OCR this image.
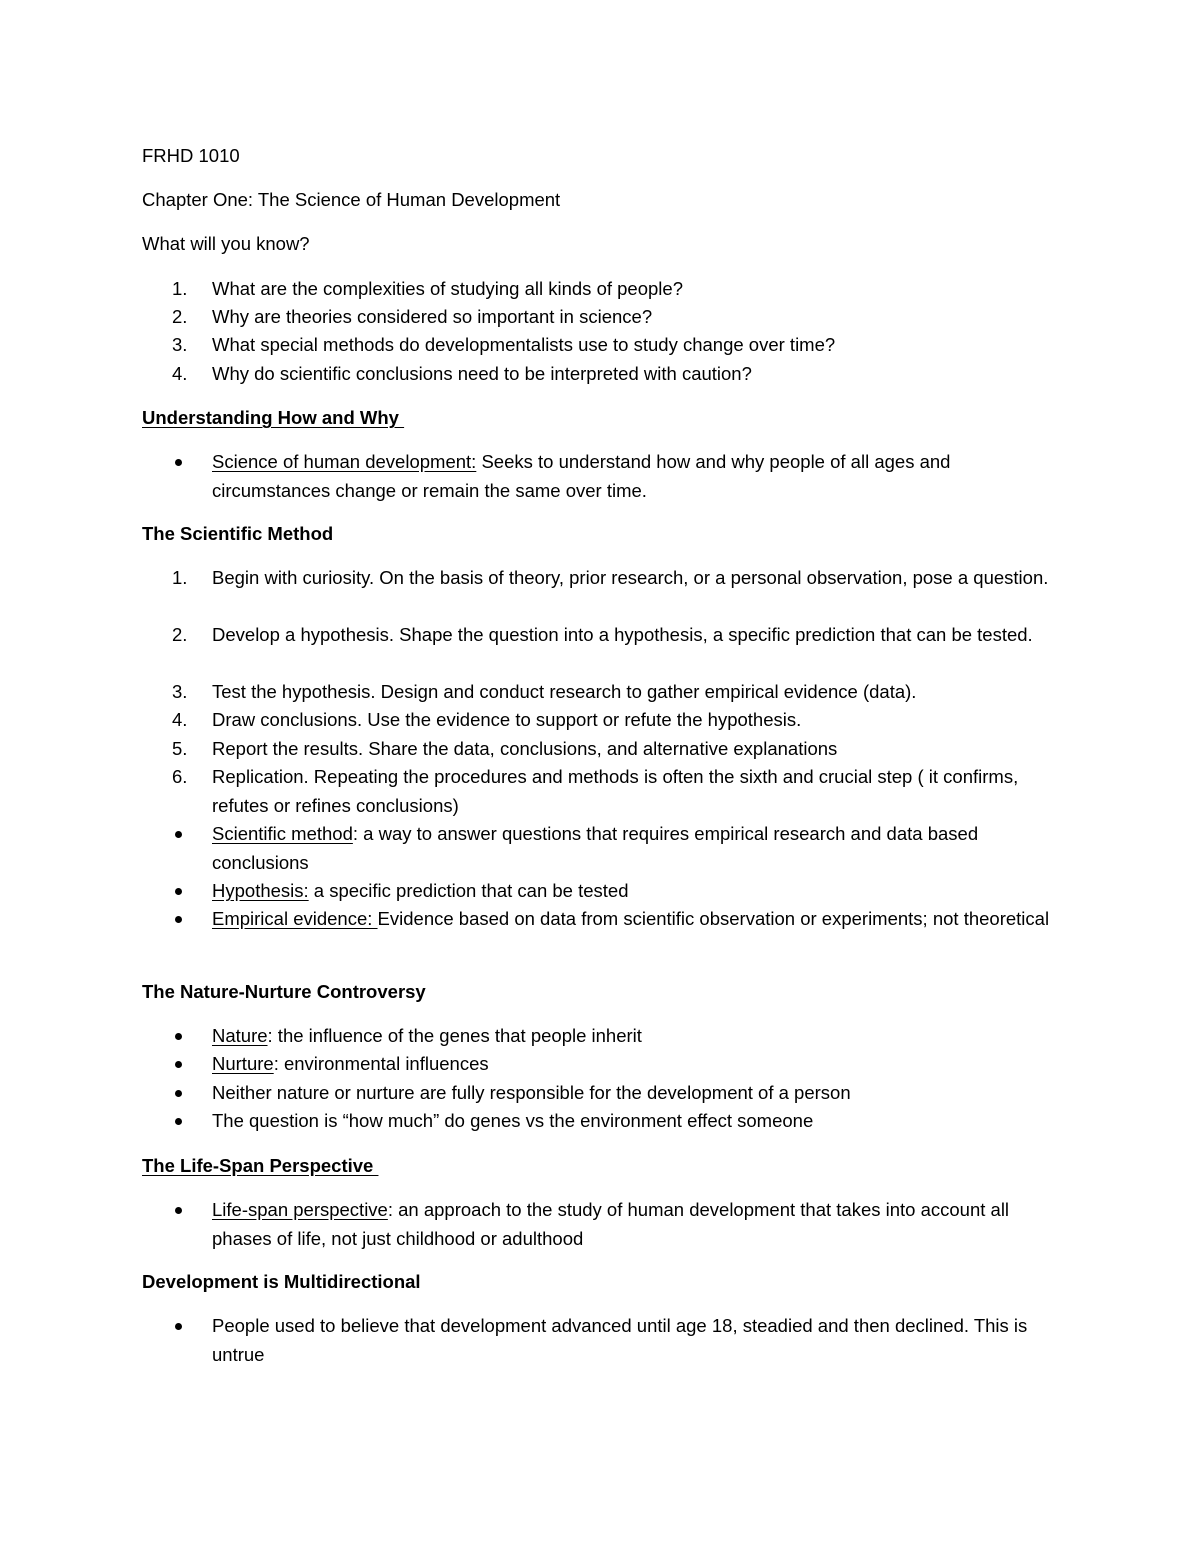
FRHD 1010
Chapter One: The Science of Human Development
What will you know?
1. What are the complexities of studying all kinds of people?
2. Why are theories considered so important in science?
3. What special methods do developmentalists use to study change over time?
4. Why do scientific conclusions need to be interpreted with caution?
Understanding How and Why
Science of human development: Seeks to understand how and why people of all ages and circumstances change or remain the same over time.
The Scientific Method
1. Begin with curiosity. On the basis of theory, prior research, or a personal observation, pose a question.
2. Develop a hypothesis. Shape the question into a hypothesis, a specific prediction that can be tested.
3. Test the hypothesis. Design and conduct research to gather empirical evidence (data).
4. Draw conclusions. Use the evidence to support or refute the hypothesis.
5. Report the results. Share the data, conclusions, and alternative explanations
6. Replication. Repeating the procedures and methods is often the sixth and crucial step ( it confirms, refutes or refines conclusions)
Scientific method: a way to answer questions that requires empirical research and data based conclusions
Hypothesis: a specific prediction that can be tested
Empirical evidence: Evidence based on data from scientific observation or experiments; not theoretical
The Nature-Nurture Controversy
Nature: the influence of the genes that people inherit
Nurture: environmental influences
Neither nature or nurture are fully responsible for the development of a person
The question is “how much” do genes vs the environment effect someone
The Life-Span Perspective
Life-span perspective: an approach to the study of human development that takes into account all phases of life, not just childhood or adulthood
Development is Multidirectional
People used to believe that development advanced until age 18, steadied and then declined. This is untrue
